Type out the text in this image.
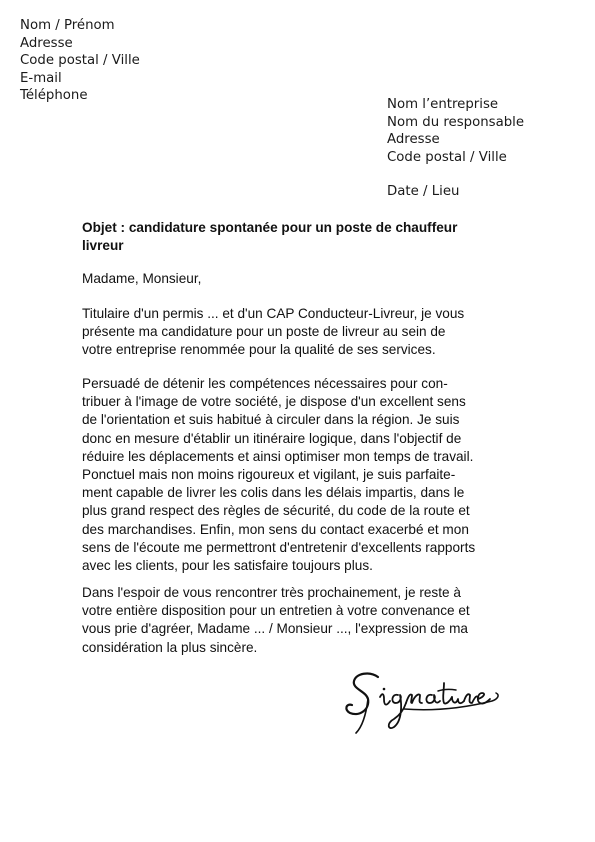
Nom / Prénom
Adresse
Code postal / Ville
E-mail
Téléphone
Nom l’entreprise
Nom du responsable
Adresse
Code postal / Ville
Date / Lieu
Objet : candidature spontanée pour un poste de chauffeur
livreur
Madame, Monsieur,
Titulaire d'un permis ... et d'un CAP Conducteur-Livreur, je vous
présente ma candidature pour un poste de livreur au sein de
votre entreprise renommée pour la qualité de ses services.
Persuadé de détenir les compétences nécessaires pour con-
tribuer à l'image de votre société, je dispose d'un excellent sens
de l'orientation et suis habitué à circuler dans la région. Je suis
donc en mesure d'établir un itinéraire logique, dans l'objectif de
réduire les déplacements et ainsi optimiser mon temps de travail.
Ponctuel mais non moins rigoureux et vigilant, je suis parfaite-
ment capable de livrer les colis dans les délais impartis, dans le
plus grand respect des règles de sécurité, du code de la route et
des marchandises. Enfin, mon sens du contact exacerbé et mon
sens de l'écoute me permettront d'entretenir d'excellents rapports
avec les clients, pour les satisfaire toujours plus.
Dans l'espoir de vous rencontrer très prochainement, je reste à
votre entière disposition pour un entretien à votre convenance et
vous prie d'agréer, Madame ... / Monsieur ..., l'expression de ma
considération la plus sincère.
